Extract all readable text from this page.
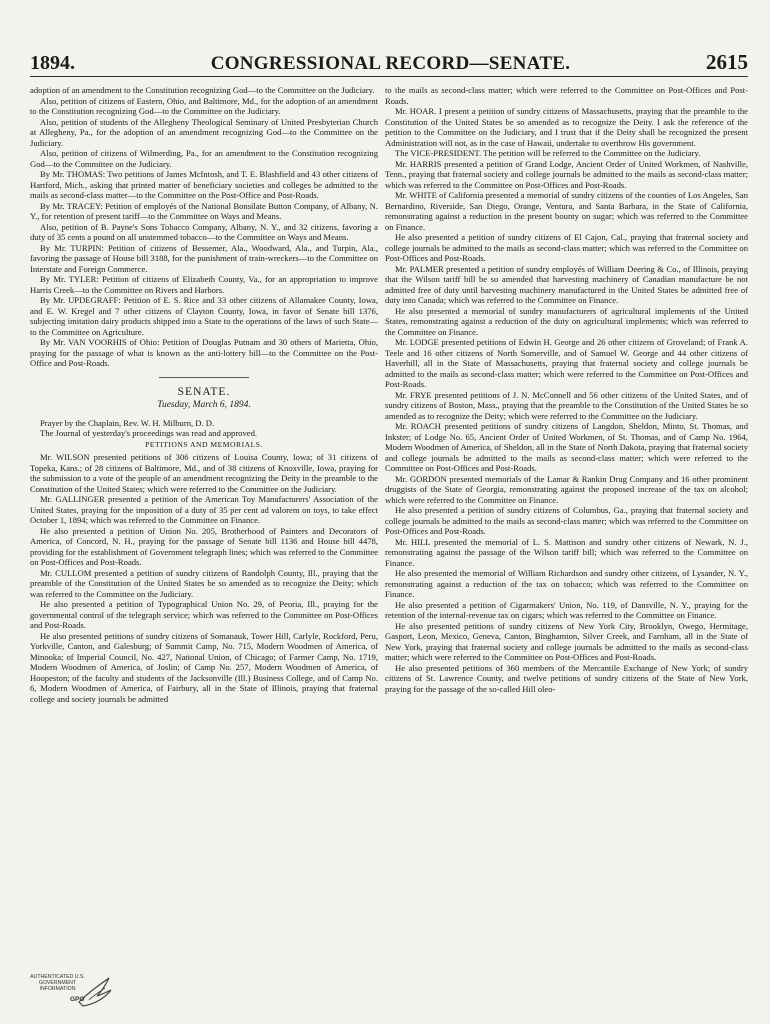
1894.	CONGRESSIONAL RECORD—SENATE.	2615

adoption of an amendment to the Constitution recognizing God—to the Committee on the Judiciary.

Also, petition of citizens of Eastern, Ohio, and Baltimore, Md., for the adoption of an amendment to the Constitution recognizing God—to the Committee on the Judiciary.

Also, petition of students of the Allegheny Theological Seminary of United Presbyterian Church at Allegheny, Pa., for the adoption of an amendment recognizing God—to the Committee on the Judiciary.

Also, petition of citizens of Wilmerding, Pa., for an amendment to the Constitution recognizing God—to the Committee on the Judiciary.

By Mr. THOMAS: Two petitions of James McIntosh, and T. E. Blashfield and 43 other citizens of Hartford, Mich., asking that printed matter of beneficiary societies and colleges be admitted to the mails as second-class matter—to the Committee on the Post-Office and Post-Roads.

By Mr. TRACEY: Petition of employés of the National Bonsilate Button Company, of Albany, N. Y., for retention of present tariff—to the Committee on Ways and Means.

Also, petition of B. Payne's Sons Tobacco Company, Albany, N. Y., and 32 citizens, favoring a duty of 35 cents a pound on all unstemmed tobacco—to the Committee on Ways and Means.

By Mr. TURPIN: Petition of citizens of Bessemer, Ala., Woodward, Ala., and Turpin, Ala., favoring the passage of House bill 3188, for the punishment of train-wreckers—to the Committee on Interstate and Foreign Commerce.

By Mr. TYLER: Petition of citizens of Elizabeth County, Va., for an appropriation to improve Harris Creek—to the Committee on Rivers and Harbors.

By Mr. UPDEGRAFF: Petition of E. S. Rice and 33 other citizens of Allamakee County, Iowa, and E. W. Kregel and 7 other citizens of Clayton County, Iowa, in favor of Senate bill 1376, subjecting imitation dairy products shipped into a State to the operations of the laws of such State—to the Committee on Agriculture.

By Mr. VAN VOORHIS of Ohio: Petition of Douglas Putnam and 30 others of Marietta, Ohio, praying for the passage of what is known as the anti-lottery bill—to the Committee on the Post-Office and Post-Roads.

SENATE.
Tuesday, March 6, 1894.

Prayer by the Chaplain, Rev. W. H. Milburn, D. D.

The Journal of yesterday's proceedings was read and approved.

PETITIONS AND MEMORIALS.

Mr. WILSON presented petitions of 306 citizens of Louisa County, Iowa; of 31 citizens of Topeka, Kans.; of 28 citizens of Baltimore, Md., and of 38 citizens of Knoxville, Iowa, praying for the submission to a vote of the people of an amendment recognizing the Deity in the preamble to the Constitution of the United States; which were referred to the Committee on the Judiciary.

Mr. GALLINGER presented a petition of the American Toy Manufacturers' Association of the United States, praying for the imposition of a duty of 35 per cent ad valorem on toys, to take effect October 1, 1894; which was referred to the Committee on Finance.

He also presented a petition of Union No. 205, Brotherhood of Painters and Decorators of America, of Concord, N. H., praying for the passage of Senate bill 1136 and House bill 4478, providing for the establishment of Government telegraph lines; which was referred to the Committee on Post-Offices and Post-Roads.

Mr. CULLOM presented a petition of sundry citizens of Randolph County, Ill., praying that the preamble of the Constitution of the United States be so amended as to recognize the Deity; which was referred to the Committee on the Judiciary.

He also presented a petition of Typographical Union No. 29, of Peoria, Ill., praying for the governmental control of the telegraph service; which was referred to the Committee on Post-Offices and Post-Roads.

He also presented petitions of sundry citizens of Somanauk, Tower Hill, Carlyle, Rockford, Peru, Yorkville, Canton, and Galesburg; of Summit Camp, No. 715, Modern Woodmen of America, of Minooka; of Imperial Council, No. 427, National Union, of Chicago; of Farmer Camp, No. 1719, Modern Woodmen of America, of Joslin; of Camp No. 257, Modern Woodmen of America, of Hoopeston; of the faculty and students of the Jacksonville (Ill.) Business College, and of Camp No. 6, Modern Woodmen of America, of Fairbury, all in the State of Illinois, praying that fraternal college and society journals be admitted

to the mails as second-class matter; which were referred to the Committee on Post-Offices and Post-Roads.

Mr. HOAR. I present a petition of sundry citizens of Massachusetts, praying that the preamble to the Constitution of the United States be so amended as to recognize the Deity. I ask the reference of the petition to the Committee on the Judiciary, and I trust that if the Deity shall be recognized the present Administration will not, as in the case of Hawaii, undertake to overthrow His government.

The VICE-PRESIDENT. The petition will be referred to the Committee on the Judiciary.

Mr. HARRIS presented a petition of Grand Lodge, Ancient Order of United Workmen, of Nashville, Tenn., praying that fraternal society and college journals be admitted to the mails as second-class matter; which was referred to the Committee on Post-Offices and Post-Roads.

Mr. WHITE of California presented a memorial of sundry citizens of the counties of Los Angeles, San Bernardino, Riverside, San Diego, Orange, Ventura, and Santa Barbara, in the State of California, remonstrating against a reduction in the present bounty on sugar; which was referred to the Committee on Finance.

He also presented a petition of sundry citizens of El Cajon, Cal., praying that fraternal society and college journals be admitted to the mails as second-class matter; which was referred to the Committee on Post-Offices and Post-Roads.

Mr. PALMER presented a petition of sundry employés of William Deering & Co., of Illinois, praying that the Wilson tariff bill be so amended that harvesting machinery of Canadian manufacture be not admitted free of duty until harvesting machinery manufactured in the United States be admitted free of duty into Canada; which was referred to the Committee on Finance.

He also presented a memorial of sundry manufacturers of agricultural implements of the United States, remonstrating against a reduction of the duty on agricultural implements; which was referred to the Committee on Finance.

Mr. LODGE presented petitions of Edwin H. George and 26 other citizens of Groveland; of Frank A. Teele and 16 other citizens of North Somerville, and of Samuel W. George and 44 other citizens of Haverhill, all in the State of Massachusetts, praying that fraternal society and college journals be admitted to the mails as second-class matter; which were referred to the Committee on Post-Offices and Post-Roads.

Mr. FRYE presented petitions of J. N. McConnell and 56 other citizens of the United States, and of sundry citizens of Boston, Mass., praying that the preamble to the Constitution of the United States be so amended as to recognize the Deity; which were referred to the Committee on the Judiciary.

Mr. ROACH presented petitions of sundry citizens of Langdon, Sheldon, Minto, St. Thomas, and Inkster; of Lodge No. 65, Ancient Order of United Workmen, of St. Thomas, and of Camp No. 1964, Modern Woodmen of America, of Sheldon, all in the State of North Dakota, praying that fraternal society and college journals be admitted to the mails as second-class matter; which were referred to the Committee on Post-Offices and Post-Roads.

Mr. GORDON presented memorials of the Lamar & Rankin Drug Company and 16 other prominent druggists of the State of Georgia, remonstrating against the proposed increase of the tax on alcohol; which were referred to the Committee on Finance.

He also presented a petition of sundry citizens of Columbus, Ga., praying that fraternal society and college journals be admitted to the mails as second-class matter; which was referred to the Committee on Post-Offices and Post-Roads.

Mr. HILL presented the memorial of L. S. Mattison and sundry other citizens of Newark, N. J., remonstrating against the passage of the Wilson tariff bill; which was referred to the Committee on Finance.

He also presented the memorial of William Richardson and sundry other citizens, of Lysander, N. Y., remonstrating against a reduction of the tax on tobacco; which was referred to the Committee on Finance.

He also presented a petition of Cigarmakers' Union, No. 119, of Dansville, N. Y., praying for the retention of the internal-revenue tax on cigars; which was referred to the Committee on Finance.

He also presented petitions of sundry citizens of New York City, Brooklyn, Owego, Hermitage, Gasport, Leon, Mexico, Geneva, Canton, Binghamton, Silver Creek, and Farnham, all in the State of New York, praying that fraternal society and college journals be admitted to the mails as second-class matter; which were referred to the Committee on Post-Offices and Post-Roads.

He also presented petitions of 360 members of the Mercantile Exchange of New York; of sundry citizens of St. Lawrence County, and twelve petitions of sundry citizens of the State of New York, praying for the passage of the so-called Hill oleo-

AUTHENTICATED U.S. GOVERNMENT INFORMATION
GPO
